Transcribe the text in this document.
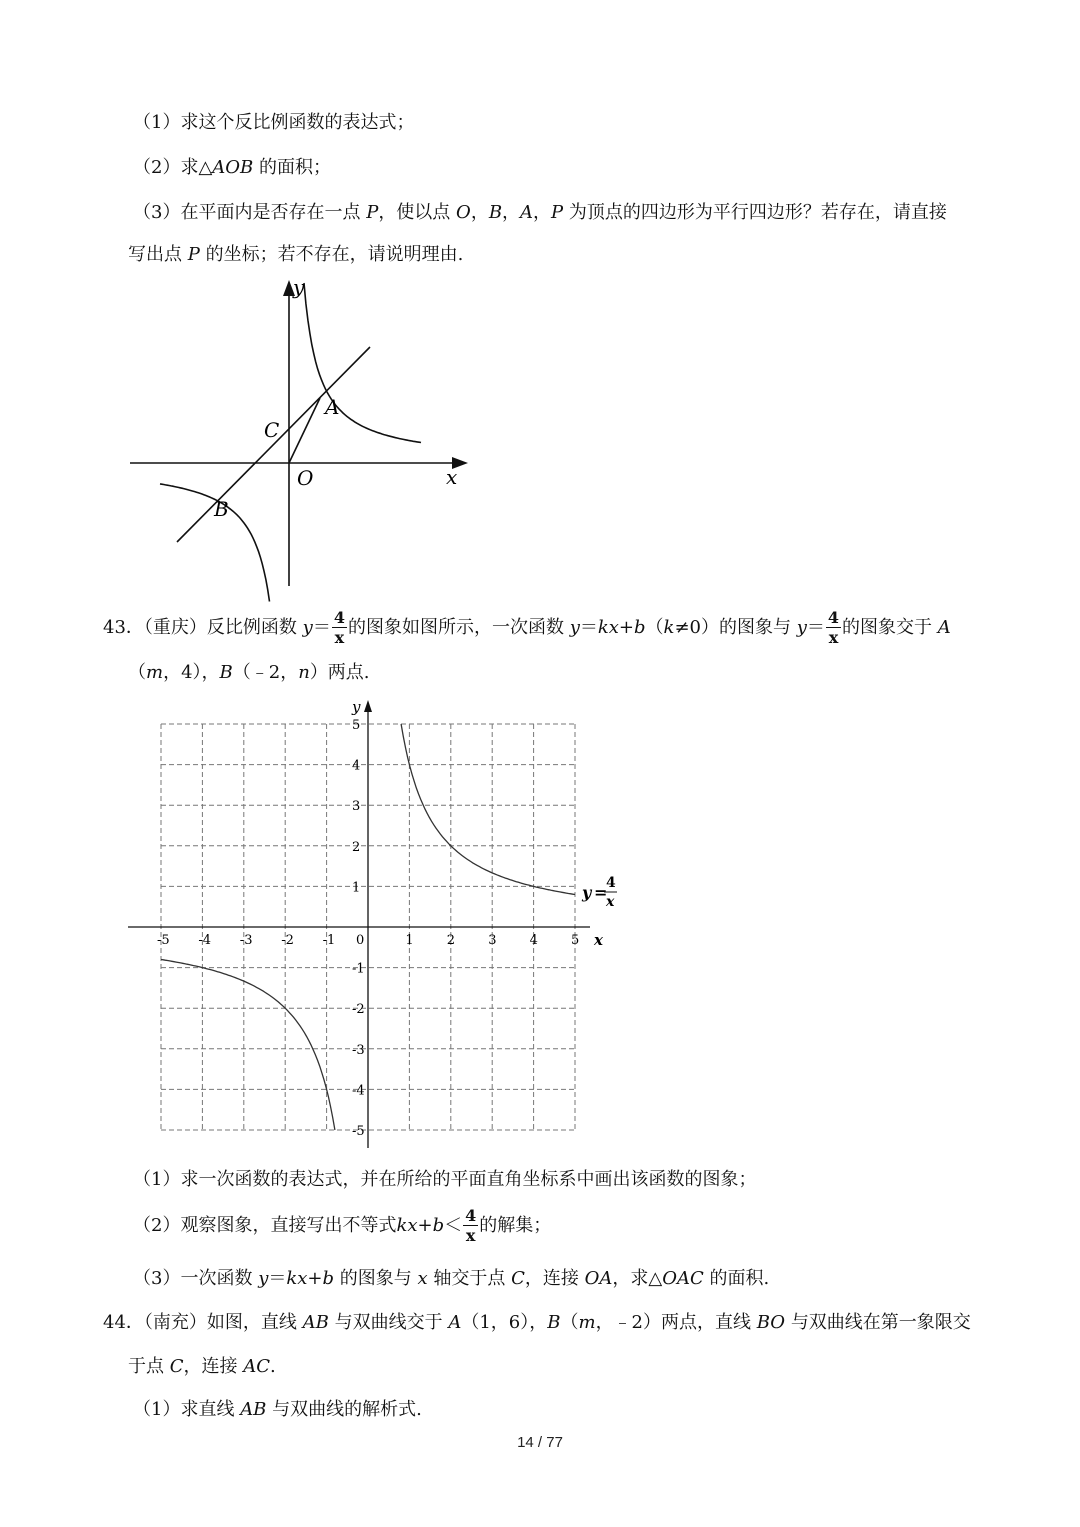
（1）求这个反比例函数的表达式；
（2）求△AOB 的面积；
（3）在平面内是否存在一点 P，使以点 O，B，A，P 为顶点的四边形为平行四边形？若存在，请直接
写出点 P 的坐标；若不存在，请说明理由.
y
x
O
A
B
C
43．（重庆）反比例函数 $y= \frac{4}{x}$ 的图象如图所示，一次函数 y＝kx+b（k≠0）的图象与 $y= \frac{4}{x}$ 的图象交于 A
（m，4），B（﹣2，n）两点.
-5 -4 -3 -2 -1 0	1	2	3	4	5
5
4
3
2
1
-1
-2
-3
-4
-5
y
x
y =
4
x
（1）求一次函数的表达式，并在所给的平面直角坐标系中画出该函数的图象；
（2）观察图象，直接写出不等式$kx+b< \frac{4}{x}$ 的解集；
（3）一次函数 y＝kx+b 的图象与 x 轴交于点 C，连接 OA，求△OAC 的面积.
44．（南充）如图，直线 AB 与双曲线交于 A（1，6），B（m，﹣2）两点，直线 BO 与双曲线在第一象限交
于点 C，连接 AC.
（1）求直线 AB 与双曲线的解析式.
14 / 77
